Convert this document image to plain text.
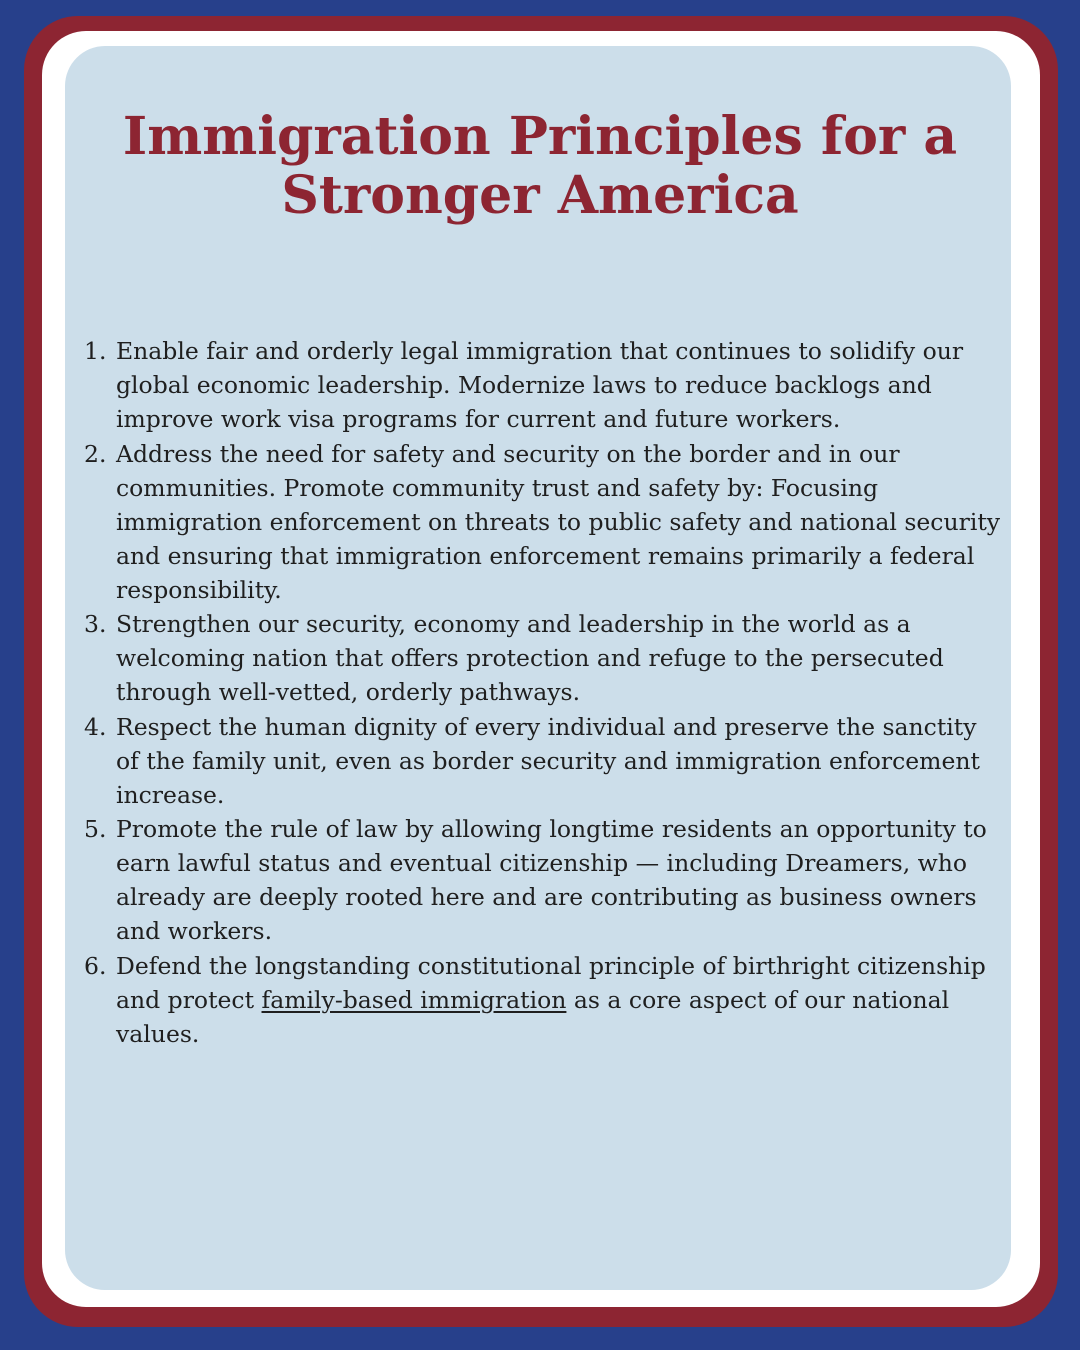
Immigration Principles for a Stronger America
1. Enable fair and orderly legal immigration that continues to solidify our global economic leadership. Modernize laws to reduce backlogs and improve work visa programs for current and future workers.
2. Address the need for safety and security on the border and in our communities. Promote community trust and safety by: Focusing immigration enforcement on threats to public safety and national security and ensuring that immigration enforcement remains primarily a federal responsibility.
3. Strengthen our security, economy and leadership in the world as a welcoming nation that offers protection and refuge to the persecuted through well-vetted, orderly pathways.
4. Respect the human dignity of every individual and preserve the sanctity of the family unit, even as border security and immigration enforcement increase.
5. Promote the rule of law by allowing longtime residents an opportunity to earn lawful status and eventual citizenship — including Dreamers, who already are deeply rooted here and are contributing as business owners and workers.
6. Defend the longstanding constitutional principle of birthright citizenship and protect family-based immigration as a core aspect of our national values.
